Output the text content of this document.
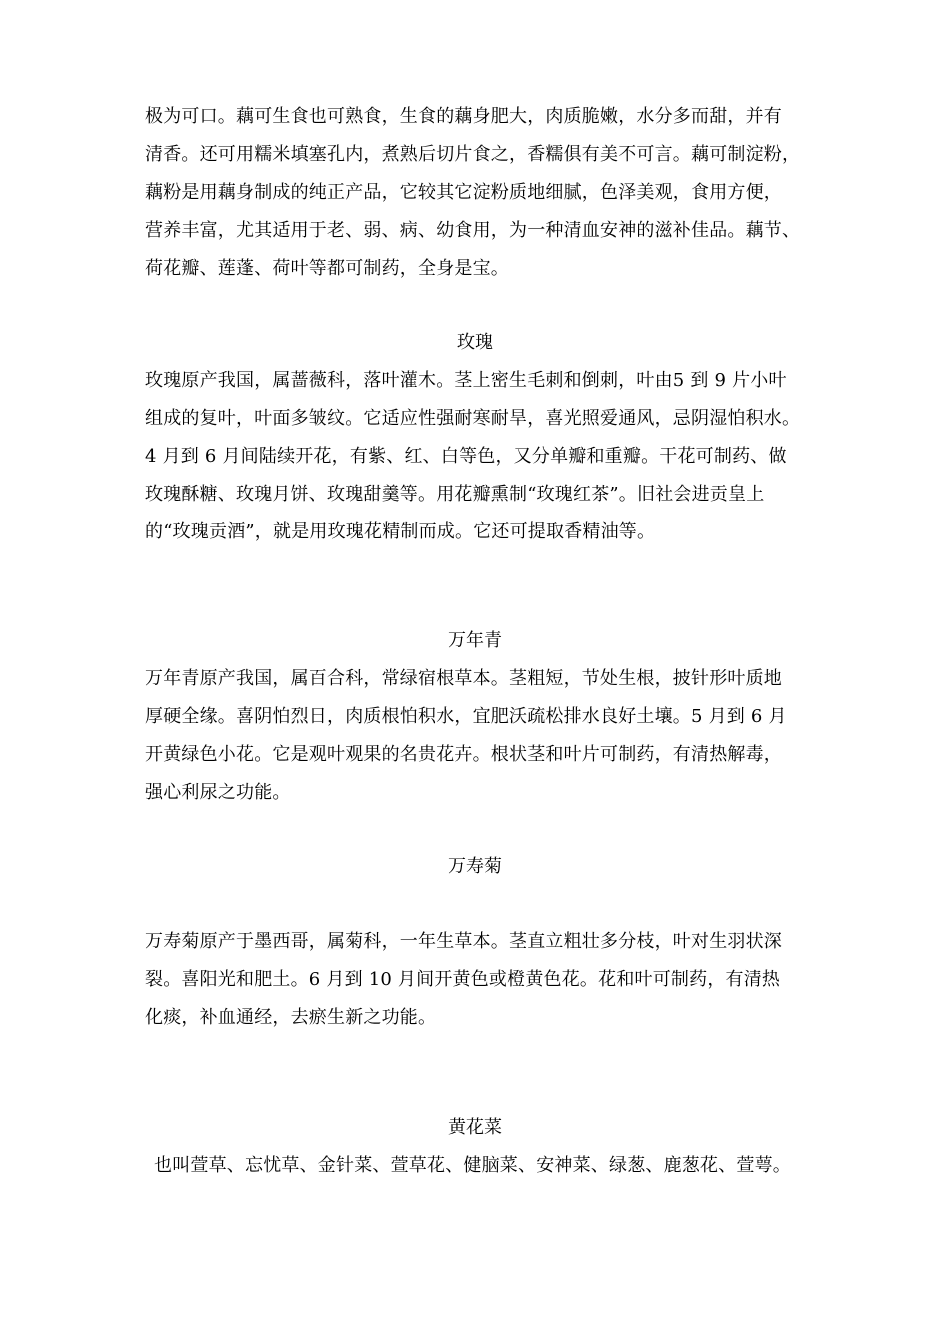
极为可口。藕可生食也可熟食，生食的藕身肥大，肉质脆嫩，水分多而甜，并有
清香。还可用糯米填塞孔内，煮熟后切片食之，香糯俱有美不可言。藕可制淀粉，
藕粉是用藕身制成的纯正产品，它较其它淀粉质地细腻，色泽美观，食用方便，
营养丰富，尤其适用于老、弱、病、幼食用，为一种清血安神的滋补佳品。藕节、
荷花瓣、莲蓬、荷叶等都可制药，全身是宝。
玫瑰
玫瑰原产我国，属蔷薇科，落叶灌木。茎上密生毛刺和倒刺，叶由5 到 9 片小叶
组成的复叶，叶面多皱纹。它适应性强耐寒耐旱，喜光照爱通风，忌阴湿怕积水。
4 月到 6 月间陆续开花，有紫、红、白等色，又分单瓣和重瓣。干花可制药、做
玫瑰酥糖、玫瑰月饼、玫瑰甜羹等。用花瓣熏制“玫瑰红茶”。旧社会进贡皇上
的“玫瑰贡酒”，就是用玫瑰花精制而成。它还可提取香精油等。
万年青
万年青原产我国，属百合科，常绿宿根草本。茎粗短，节处生根，披针形叶质地
厚硬全缘。喜阴怕烈日，肉质根怕积水，宜肥沃疏松排水良好土壤。5 月到 6 月
开黄绿色小花。它是观叶观果的名贵花卉。根状茎和叶片可制药，有清热解毒，
强心利尿之功能。
万寿菊
万寿菊原产于墨西哥，属菊科，一年生草本。茎直立粗壮多分枝，叶对生羽状深
裂。喜阳光和肥土。6 月到 10 月间开黄色或橙黄色花。花和叶可制药，有清热
化痰，补血通经，去瘀生新之功能。
黄花菜
也叫萱草、忘忧草、金针菜、萱草花、健脑菜、安神菜、绿葱、鹿葱花、萱萼。
